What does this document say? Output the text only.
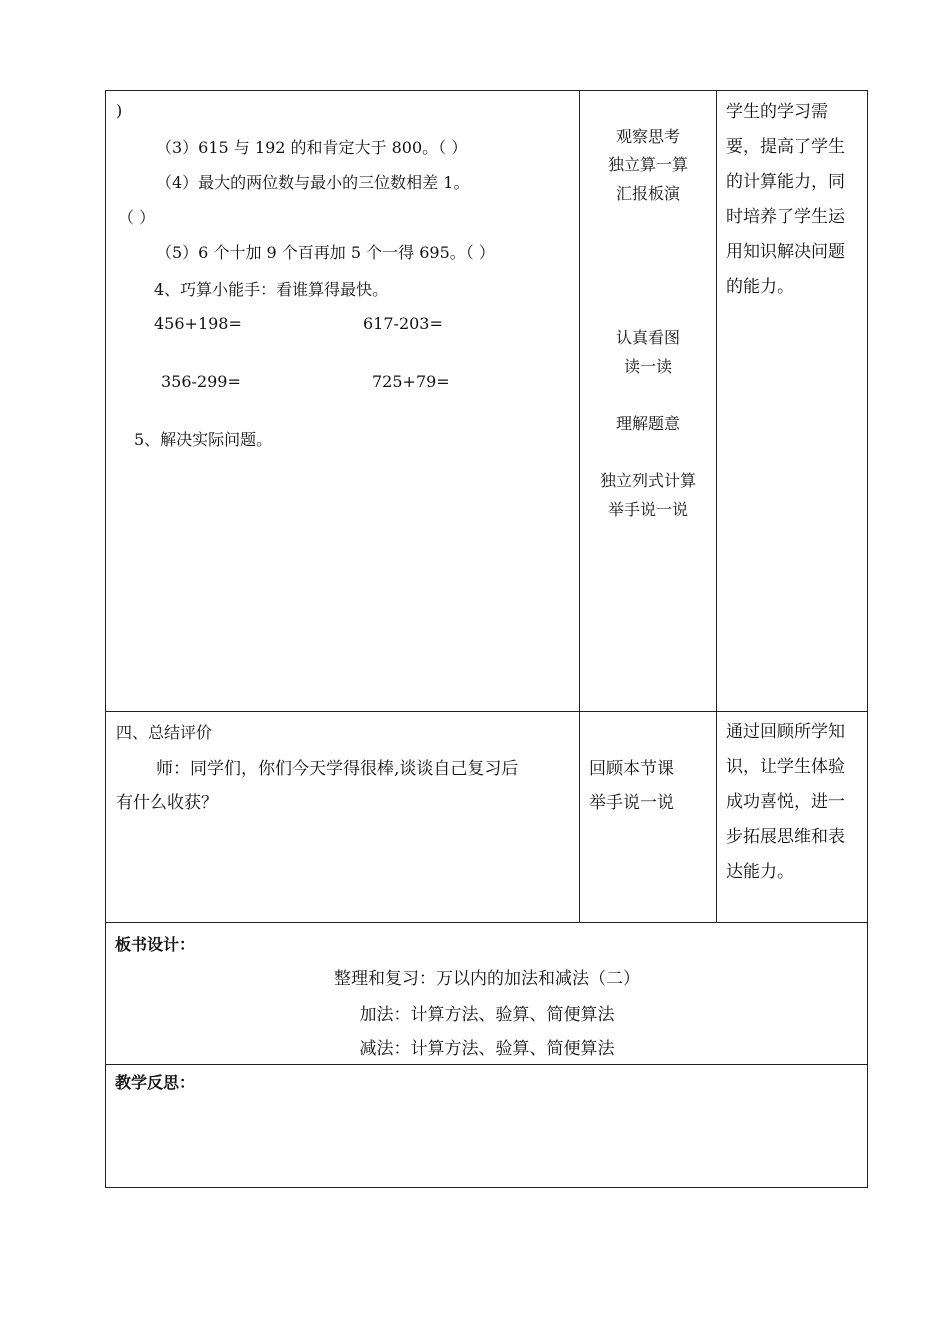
)
（3）615 与 192 的和肯定大于 800。（ ）
（4）最大的两位数与最小的三位数相差 1。
（ ）
（5）6 个十加 9 个百再加 5 个一得 695。（ ）
4、巧算小能手：看谁算得最快。
456+198=	617-203=
356-299=	725+79=
5、解决实际问题。
观察思考
独立算一算
汇报板演
认真看图
读一读
理解题意
独立列式计算
举手说一说
学生的学习需要，提高了学生的计算能力，同时培养了学生运用知识解决问题的能力。
四、总结评价
师：同学们，你们今天学得很棒,谈谈自己复习后
有什么收获？
回顾本节课
举手说一说
通过回顾所学知识，让学生体验成功喜悦，进一步拓展思维和表达能力。
板书设计：
整理和复习：万以内的加法和减法（二）
加法：计算方法、验算、简便算法
减法：计算方法、验算、简便算法
教学反思：
